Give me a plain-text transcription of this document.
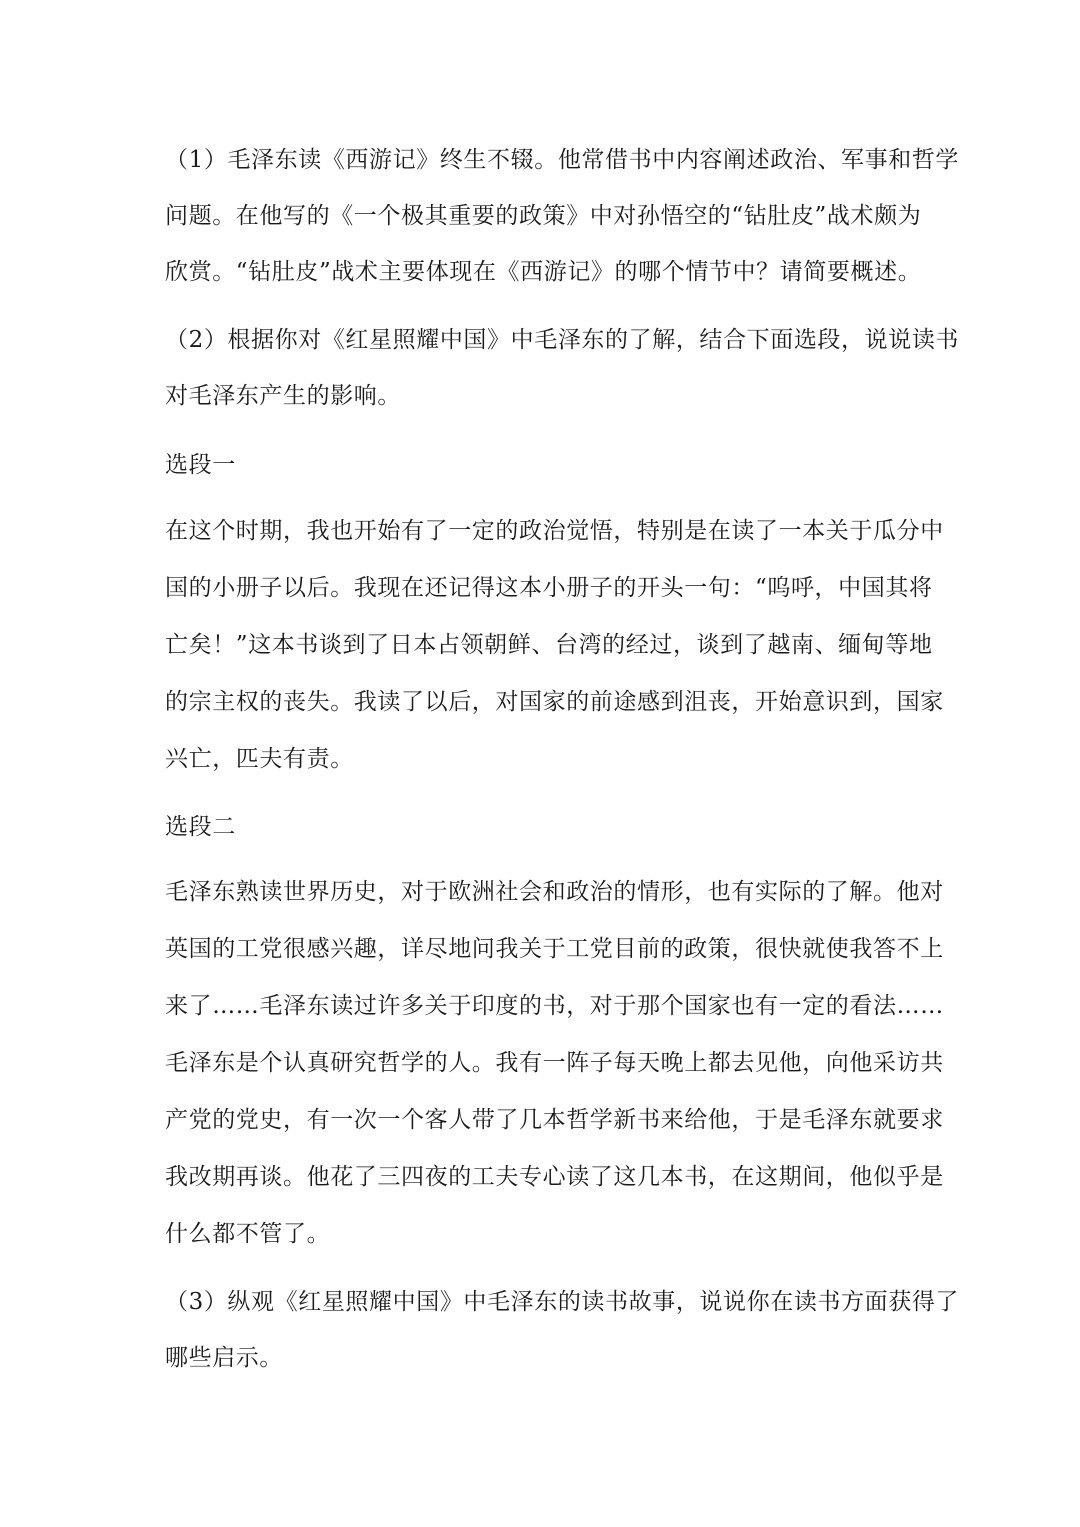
（1）毛泽东读《西游记》终生不辍。他常借书中内容阐述政治、军事和哲学
问题。在他写的《一个极其重要的政策》中对孙悟空的“钻肚皮”战术颇为
欣赏。“钻肚皮”战术主要体现在《西游记》的哪个情节中？请简要概述。

（2）根据你对《红星照耀中国》中毛泽东的了解，结合下面选段，说说读书
对毛泽东产生的影响。

选段一

在这个时期，我也开始有了一定的政治觉悟，特别是在读了一本关于瓜分中
国的小册子以后。我现在还记得这本小册子的开头一句：“呜呼，中国其将
亡矣！”这本书谈到了日本占领朝鲜、台湾的经过，谈到了越南、缅甸等地
的宗主权的丧失。我读了以后，对国家的前途感到沮丧，开始意识到，国家
兴亡，匹夫有责。

选段二

毛泽东熟读世界历史，对于欧洲社会和政治的情形，也有实际的了解。他对
英国的工党很感兴趣，详尽地问我关于工党目前的政策，很快就使我答不上
来了……毛泽东读过许多关于印度的书，对于那个国家也有一定的看法……
毛泽东是个认真研究哲学的人。我有一阵子每天晚上都去见他，向他采访共
产党的党史，有一次一个客人带了几本哲学新书来给他，于是毛泽东就要求
我改期再谈。他花了三四夜的工夫专心读了这几本书，在这期间，他似乎是
什么都不管了。

（3）纵观《红星照耀中国》中毛泽东的读书故事，说说你在读书方面获得了
哪些启示。
